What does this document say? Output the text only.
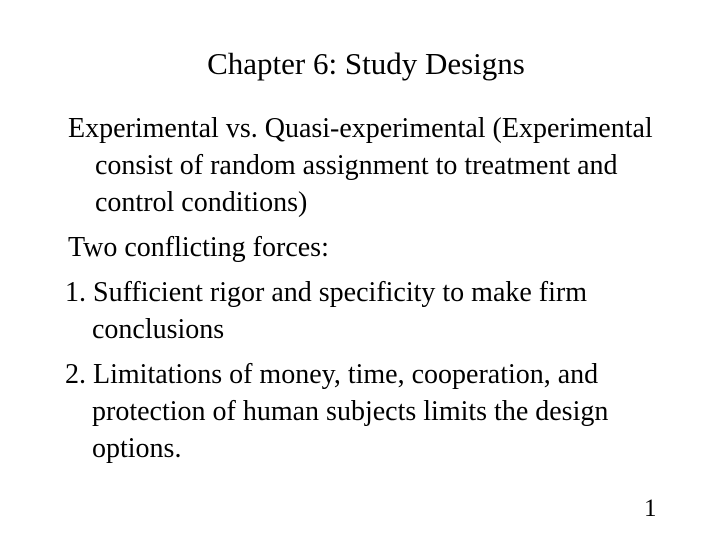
Chapter 6: Study Designs
Experimental vs. Quasi-experimental (Experimental consist of random assignment to treatment and control conditions)
Two conflicting forces:
1. Sufficient rigor and specificity to make firm conclusions
2. Limitations of money, time, cooperation, and protection of human subjects limits the design options.
1
